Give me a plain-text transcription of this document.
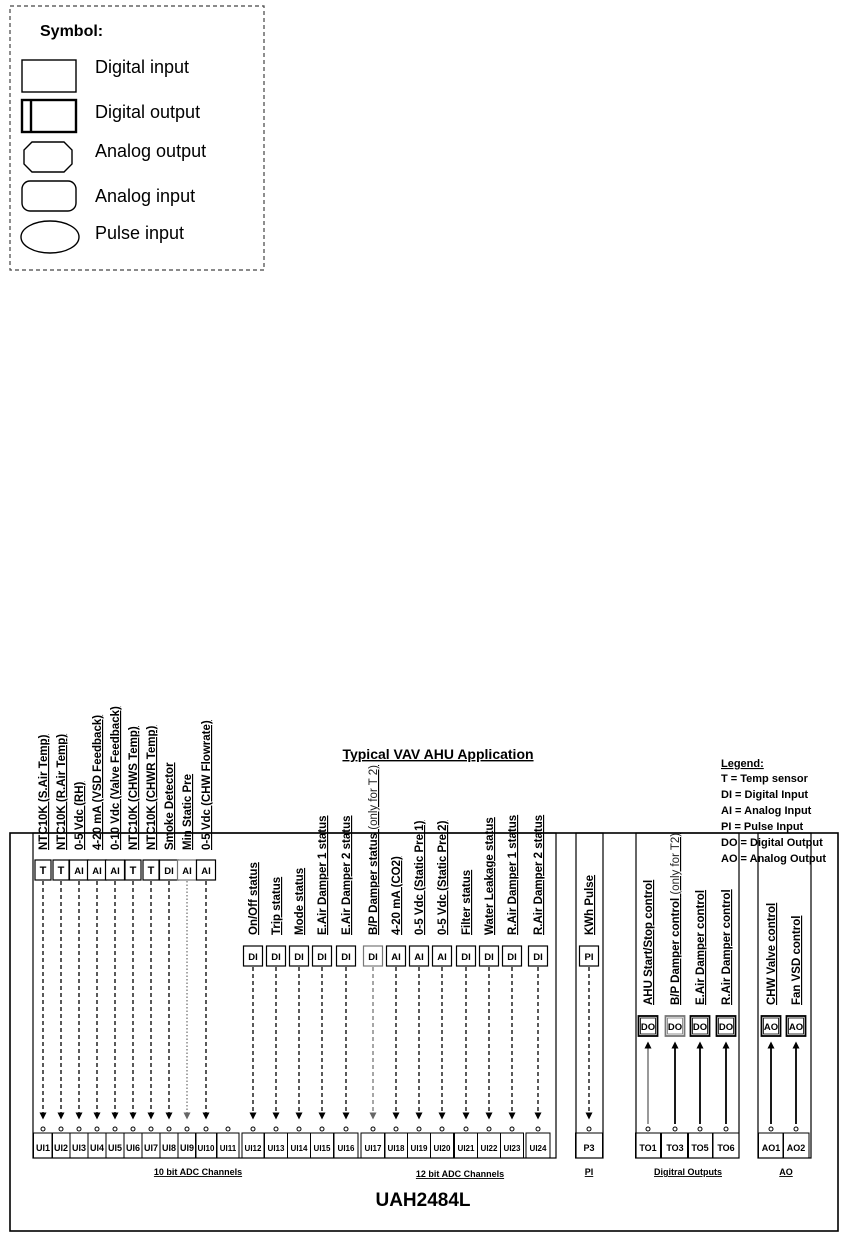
Symbol:
Digital input
Digital output
Analog output
Analog input
Pulse input
Typical VAV AHU Application
Legend:
T = Temp sensor
DI = Digital Input
AI = Analog Input
PI = Pulse Input
DO = Digital Output
AO = Analog Output
UAH2484L
10 bit ADC Channels	12 bit ADC Channels	PI	Digitral Outputs	AO
UI1
T
NTC10K (S.Air Temp)
UI2
T
NTC10K (R.Air Temp)
UI3
AI
0-5 Vdc (RH)
UI4
AI
4-20 mA (VSD Feedback)
UI5
AI
0-10 Vdc (Valve Feedback)
UI6
T
NTC10K (CHWS Temp)
UI7
T
NTC10K (CHWR Temp)
UI8
DI
Smoke Detector
UI9
AI
Min Static Pre
UI10
AI
0-5 Vdc (CHW Flowrate)
UI11 UI12
DI
On/Off status
UI13
DI
Trip status
UI14
DI
Mode status
UI15
DI
E.Air Damper 1 status
UI16
DI
E.Air Damper 2 status
UI17
DI
B/P Damper status (only for T 2)
UI18
AI
4-20 mA (CO2)
UI19
AI
0-5 Vdc (Static Pre 1)
UI20
AI
0-5 Vdc (Static Pre 2)
UI21
DI
Filter status
UI22
DI
Water Leakage status
UI23
DI
R.Air Damper 1 status
UI24
DI
R.Air Damper 2 status
P3
PI
KWh Pulse
TO1
DO
AHU Start/Stop control
TO3
DO
B/P Damper control (only for T2)
TO5
DO
E.Air Damper control
TO6
DO
R.Air Damper control
AO1
AO
CHW Valve control
AO2
AO
Fan VSD control
